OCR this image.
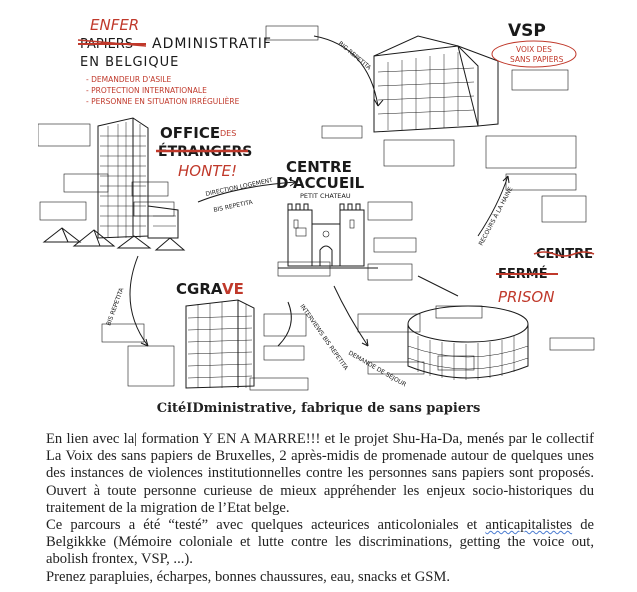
ENFER
PAPIERS ADMINISTRATIF
EN BELGIQUE
- DEMANDEUR D'ASILE
- PROTECTION INTERNATIONALE
- PERSONNE EN SITUATION IRRÉGULIÈRE
OFFICE DES
ÉTRANGERS
HONTE!
VSP
VOIX DES
SANS PAPIERS
CENTRE
D'ACCUEIL
PETIT CHATEAU
CENTRE
FERMÉ
PRISON
CGRA VE
BIG REPETITA
DIRECTION LOGEMENT
BIS REPETITA
BIS REPETITA
RECOURS À LA HAINE
DEMANDE DE SÉJOUR
INTERVIEWS BIS REPETITA
CitéIDministrative, fabrique de sans papiers

En lien avec la| formation Y EN A MARRE!!! et le projet Shu-Ha-Da, menés par le collectif La Voix des sans papiers de Bruxelles, 2 après-midis de promenade autour de quelques unes des instances de violences institutionnelles contre les personnes sans papiers sont proposés. Ouvert à toute personne curieuse de mieux appréhender les enjeux socio-historiques du traitement de la migration de l’Etat belge.

Ce parcours a été “testé” avec quelques acteurices anticoloniales et anticapitalistes de Belgikkke (Mémoire coloniale et lutte contre les discriminations, getting the voice out, abolish frontex, VSP, ...).

Prenez parapluies, écharpes, bonnes chaussures, eau, snacks et GSM.
